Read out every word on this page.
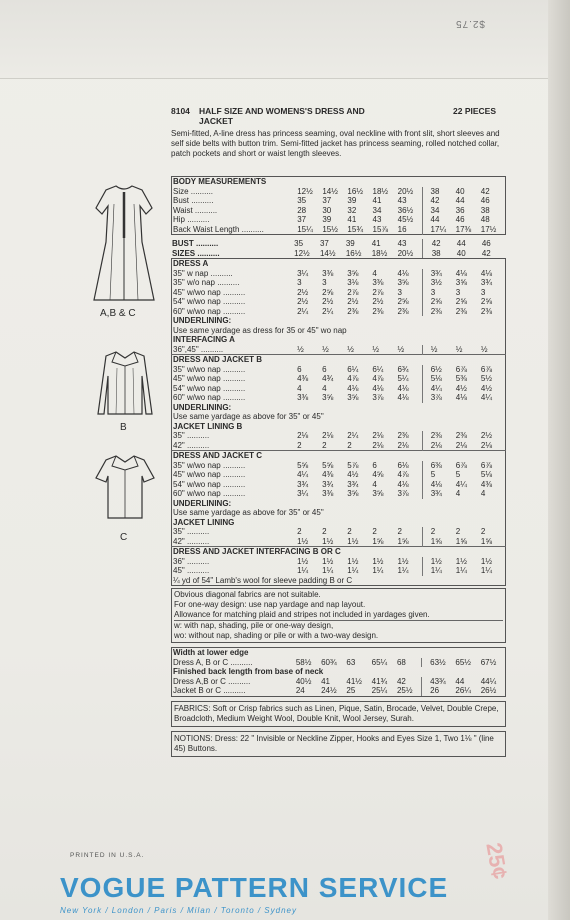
$2.75
8104 HALF SIZE AND WOMENS'S DRESS AND JACKET
22 PIECES
Semi-fitted, A-line dress has princess seaming, oval neckline with front slit, short sleeves and self side belts with button trim. Semi-fitted jacket has princess seaming, rolled notched collar, patch pockets and short or waist length sleeves.
A,B & C
B
C
BODY MEASUREMENTS									
Size ..........	12½	14½	16½	18½	20½		38	40	42
Bust ..........	35	37	39	41	43		42	44	46
Waist ..........	28	30	32	34	36½		34	36	38
Hip ..........	37	39	41	43	45½		44	46	48
Back Waist Length ..........	15¼	15½	15¾	15⅞	16		17¼	17⅜	17½
BUST ..........	35	37	39	41	43		42	44	46
SIZES ..........	12½	14½	16½	18½	20½		38	40	42
DRESS A									
35" w nap ..........	3¼	3⅜	3⅝	4	4⅛		3¾	4⅛	4⅛
35" w/o nap ..........	3	3	3⅛	3⅜	3⅝		3½	3⅝	3¾
45" w/wo nap ..........	2½	2⅝	2⅞	2⅞	3		3	3	3
54" w/wo nap ..........	2½	2½	2½	2½	2⅝		2⅝	2⅝	2⅝
60" w/wo nap ..........	2¼	2¼	2⅜	2⅜	2⅜		2⅜	2⅜	2⅜
UNDERLINING:									
Use same yardage as dress for 35 or 45" wo nap									
INTERFACING A									
36",45" ..........	½	½	½	½	½		½	½	½
DRESS AND JACKET B									
35" w/wo nap ..........	6	6	6¼	6¼	6¾		6½	6⅞	6⅞
45" w/wo nap ..........	4⅜	4¾	4⅞	4⅞	5¼		5⅛	5⅜	5½
54" w/wo nap ..........	4	4	4⅛	4⅛	4⅛		4¼	4½	4½
60" w/wo nap ..........	3⅜	3⅝	3⅝	3⅞	4⅛		3⅞	4⅛	4¼
UNDERLINING:									
Use same yardage as above for 35" or 45"									
JACKET LINING B									
35" ..........	2⅛	2⅛	2¼	2⅛	2⅜		2⅜	2⅜	2½
42" ..........	2	2	2	2⅛	2⅛		2⅛	2⅛	2⅛
DRESS AND JACKET C									
35" w/wo nap ..........	5⅝	5⅝	5⅞	6	6⅛		6⅜	6⅞	6⅞
45" w/wo nap ..........	4¼	4⅜	4½	4⅝	4⅞		5	5	5⅛
54" w/wo nap ..........	3¾	3¾	3¾	4	4⅛		4⅛	4¼	4⅜
60" w/wo nap ..........	3¼	3⅜	3⅝	3⅝	3⅞		3¾	4	4
UNDERLINING:									
Use same yardage as above for 35" or 45"									
JACKET LINING									
35" ..........	2	2	2	2	2		2	2	2
42" ..........	1½	1½	1½	1⅝	1⅝		1⅝	1⅝	1⅝
DRESS AND JACKET INTERFACING B OR C									
36" ..........	1½	1½	1½	1½	1½		1½	1½	1½
45" ..........	1¼	1¼	1¼	1¼	1¼		1¼	1¼	1¼
¼ yd of 54" Lamb's wool for sleeve padding B or C									
Obvious diagonal fabrics are not suitable.
For one-way design: use nap yardage and nap layout.
Allowance for matching plaid and stripes not included in yardages given.
w: with nap, shading, pile or one-way design,
wo: without nap, shading or pile or with a two-way design.
Width at lower edge									
Dress A, B or C ..........	58½	60¾	63	65¼	68		63½	65½	67½
Finished back length from base of neck									
Dress A,B or C ..........	40½	41	41½	41¾	42		43¾	44	44¼
Jacket B or C ..........	24	24½	25	25¼	25½		26	26¼	26½
FABRICS: Soft or Crisp fabrics such as Linen, Pique, Satin, Brocade, Velvet, Double Crepe, Broadcloth, Medium Weight Wool, Double Knit, Wool Jersey, Surah.
NOTIONS: Dress: 22 " Invisible or Neckline Zipper, Hooks and Eyes Size 1, Two 1⅛ " (line 45) Buttons.
PRINTED IN U.S.A.
VOGUE PATTERN SERVICE
New York / London / Paris / Milan / Toronto / Sydney
25¢
